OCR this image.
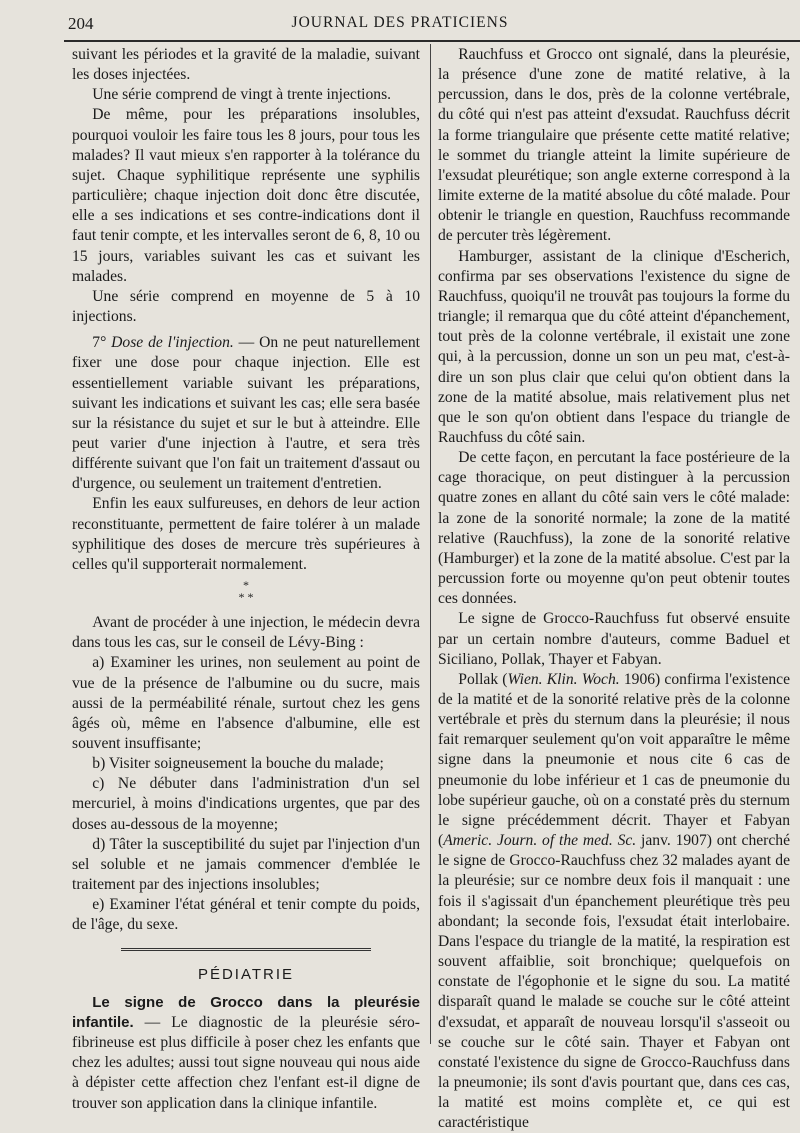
204	JOURNAL DES PRATICIENS

suivant les périodes et la gravité de la maladie, suivant les doses injectées.

Une série comprend de vingt à trente injections.

De même, pour les préparations insolubles, pourquoi vouloir les faire tous les 8 jours, pour tous les malades? Il vaut mieux s'en rapporter à la tolérance du sujet. Chaque syphilitique représente une syphilis particulière; chaque injection doit donc être discutée, elle a ses indications et ses contre-indications dont il faut tenir compte, et les intervalles seront de 6, 8, 10 ou 15 jours, variables suivant les cas et suivant les malades.

Une série comprend en moyenne de 5 à 10 injections.

7° Dose de l'injection. — On ne peut naturellement fixer une dose pour chaque injection. Elle est essentiellement variable suivant les préparations, suivant les indications et suivant les cas; elle sera basée sur la résistance du sujet et sur le but à atteindre. Elle peut varier d'une injection à l'autre, et sera très différente suivant que l'on fait un traitement d'assaut ou d'urgence, ou seulement un traitement d'entretien.

Enfin les eaux sulfureuses, en dehors de leur action reconstituante, permettent de faire tolérer à un malade syphilitique des doses de mercure très supérieures à celles qu'il supporterait normalement.

*
* *

Avant de procéder à une injection, le médecin devra dans tous les cas, sur le conseil de Lévy-Bing :

a) Examiner les urines, non seulement au point de vue de la présence de l'albumine ou du sucre, mais aussi de la perméabilité rénale, surtout chez les gens âgés où, même en l'absence d'albumine, elle est souvent insuffisante;

b) Visiter soigneusement la bouche du malade;

c) Ne débuter dans l'administration d'un sel mercuriel, à moins d'indications urgentes, que par des doses au-dessous de la moyenne;

d) Tâter la susceptibilité du sujet par l'injection d'un sel soluble et ne jamais commencer d'emblée le traitement par des injections insolubles;

e) Examiner l'état général et tenir compte du poids, de l'âge, du sexe.

PÉDIATRIE

Le signe de Grocco dans la pleurésie infantile. — Le diagnostic de la pleurésie séro-fibrineuse est plus difficile à poser chez les enfants que chez les adultes; aussi tout signe nouveau qui nous aide à dépister cette affection chez l'enfant est-il digne de trouver son application dans la clinique infantile.

Rauchfuss et Grocco ont signalé, dans la pleurésie, la présence d'une zone de matité relative, à la percussion, dans le dos, près de la colonne vertébrale, du côté qui n'est pas atteint d'exsudat. Rauchfuss décrit la forme triangulaire que présente cette matité relative; le sommet du triangle atteint la limite supérieure de l'exsudat pleurétique; son angle externe correspond à la limite externe de la matité absolue du côté malade. Pour obtenir le triangle en question, Rauchfuss recommande de percuter très légèrement.

Hamburger, assistant de la clinique d'Escherich, confirma par ses observations l'existence du signe de Rauchfuss, quoiqu'il ne trouvât pas toujours la forme du triangle; il remarqua que du côté atteint d'épanchement, tout près de la colonne vertébrale, il existait une zone qui, à la percussion, donne un son un peu mat, c'est-à-dire un son plus clair que celui qu'on obtient dans la zone de la matité absolue, mais relativement plus net que le son qu'on obtient dans l'espace du triangle de Rauchfuss du côté sain.

De cette façon, en percutant la face postérieure de la cage thoracique, on peut distinguer à la percussion quatre zones en allant du côté sain vers le côté malade: la zone de la sonorité normale; la zone de la matité relative (Rauchfuss), la zone de la sonorité relative (Hamburger) et la zone de la matité absolue. C'est par la percussion forte ou moyenne qu'on peut obtenir toutes ces données.

Le signe de Grocco-Rauchfuss fut observé ensuite par un certain nombre d'auteurs, comme Baduel et Siciliano, Pollak, Thayer et Fabyan.

Pollak (Wien. Klin. Woch. 1906) confirma l'existence de la matité et de la sonorité relative près de la colonne vertébrale et près du sternum dans la pleurésie; il nous fait remarquer seulement qu'on voit apparaître le même signe dans la pneumonie et nous cite 6 cas de pneumonie du lobe inférieur et 1 cas de pneumonie du lobe supérieur gauche, où on a constaté près du sternum le signe précédemment décrit. Thayer et Fabyan (Americ. Journ. of the med. Sc. janv. 1907) ont cherché le signe de Grocco-Rauchfuss chez 32 malades ayant de la pleurésie; sur ce nombre deux fois il manquait : une fois il s'agissait d'un épanchement pleurétique très peu abondant; la seconde fois, l'exsudat était interlobaire. Dans l'espace du triangle de la matité, la respiration est souvent affaiblie, soit bronchique; quelquefois on constate de l'égophonie et le signe du sou. La matité disparaît quand le malade se couche sur le côté atteint d'exsudat, et apparaît de nouveau lorsqu'il s'asseoit ou se couche sur le côté sain. Thayer et Fabyan ont constaté l'existence du signe de Grocco-Rauchfuss dans la pneumonie; ils sont d'avis pourtant que, dans ces cas, la matité est moins complète et, ce qui est caractéristique
